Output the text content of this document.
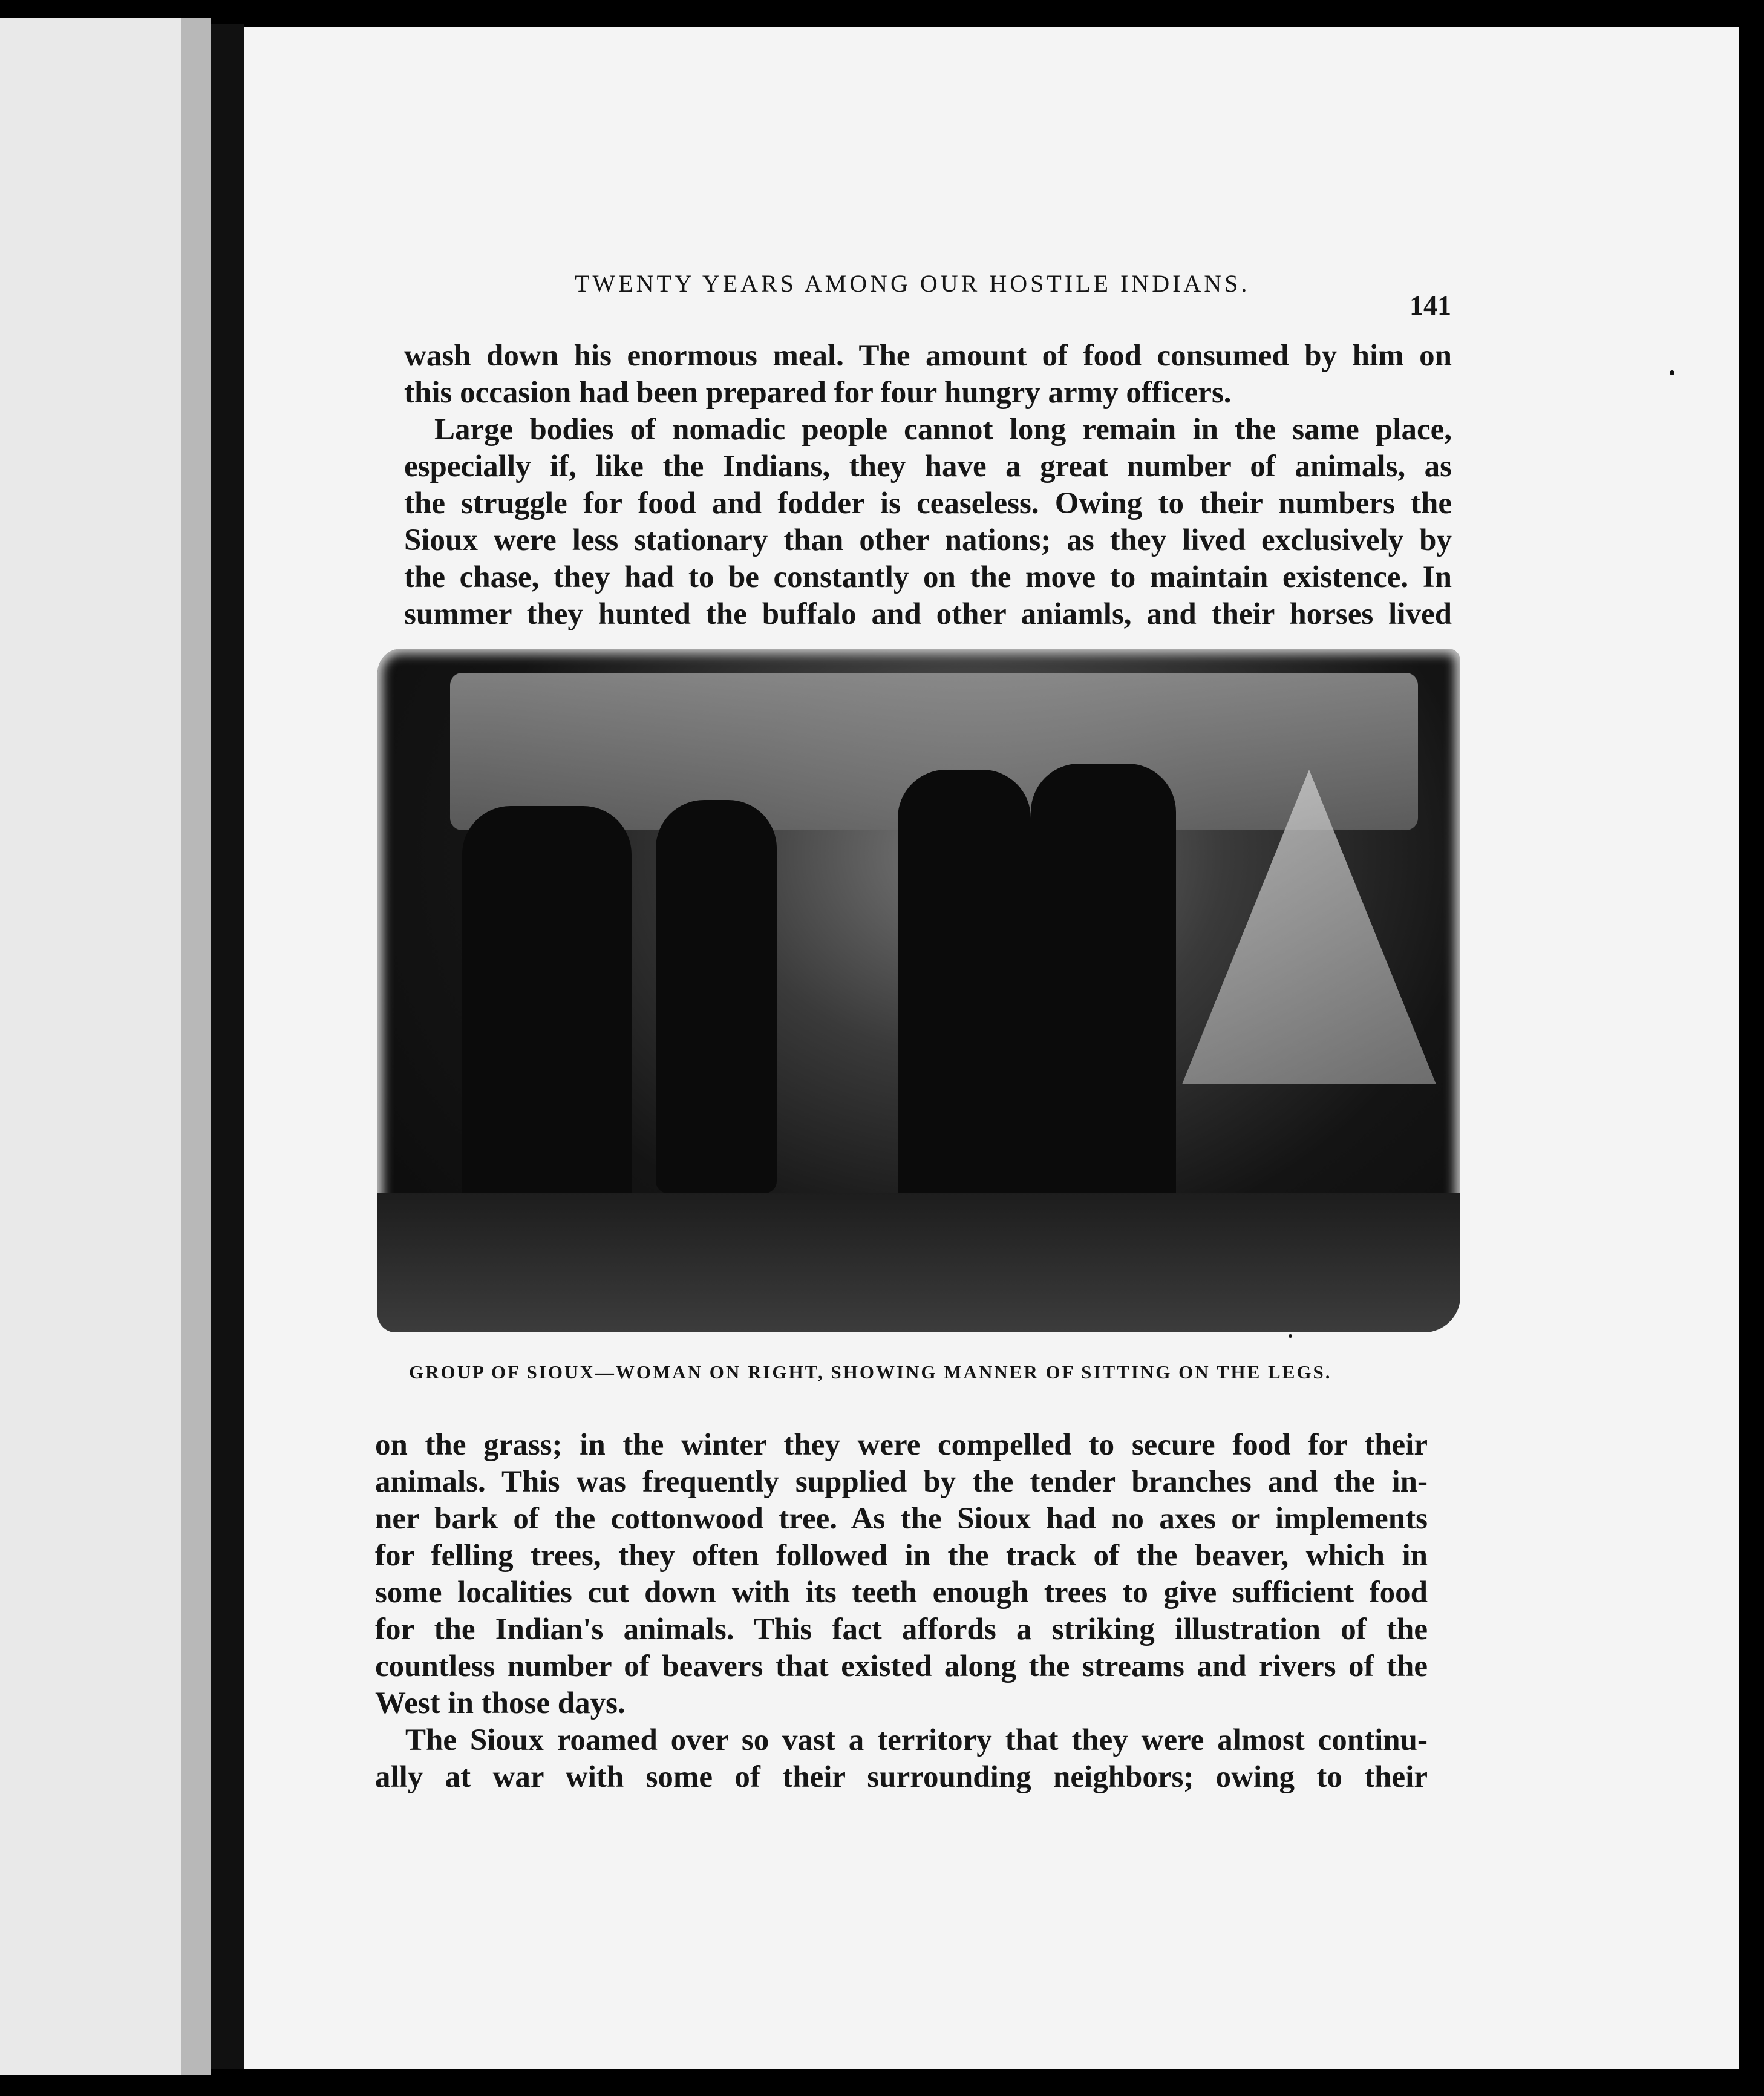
TWENTY YEARS AMONG OUR HOSTILE INDIANS.
141
wash down his enormous meal. The amount of food consumed by him on
this occasion had been prepared for four hungry army officers.
Large bodies of nomadic people cannot long remain in the same place,
especially if, like the Indians, they have a great number of animals, as
the struggle for food and fodder is ceaseless. Owing to their numbers the
Sioux were less stationary than other nations; as they lived exclusively by
the chase, they had to be constantly on the move to maintain existence. In
summer they hunted the buffalo and other aniamls, and their horses lived
GROUP OF SIOUX—WOMAN ON RIGHT, SHOWING MANNER OF SITTING ON THE LEGS.
on the grass; in the winter they were compelled to secure food for their
animals. This was frequently supplied by the tender branches and the in-
ner bark of the cottonwood tree. As the Sioux had no axes or implements
for felling trees, they often followed in the track of the beaver, which in
some localities cut down with its teeth enough trees to give sufficient food
for the Indian's animals. This fact affords a striking illustration of the
countless number of beavers that existed along the streams and rivers of the
West in those days.
The Sioux roamed over so vast a territory that they were almost continu-
ally at war with some of their surrounding neighbors; owing to their
